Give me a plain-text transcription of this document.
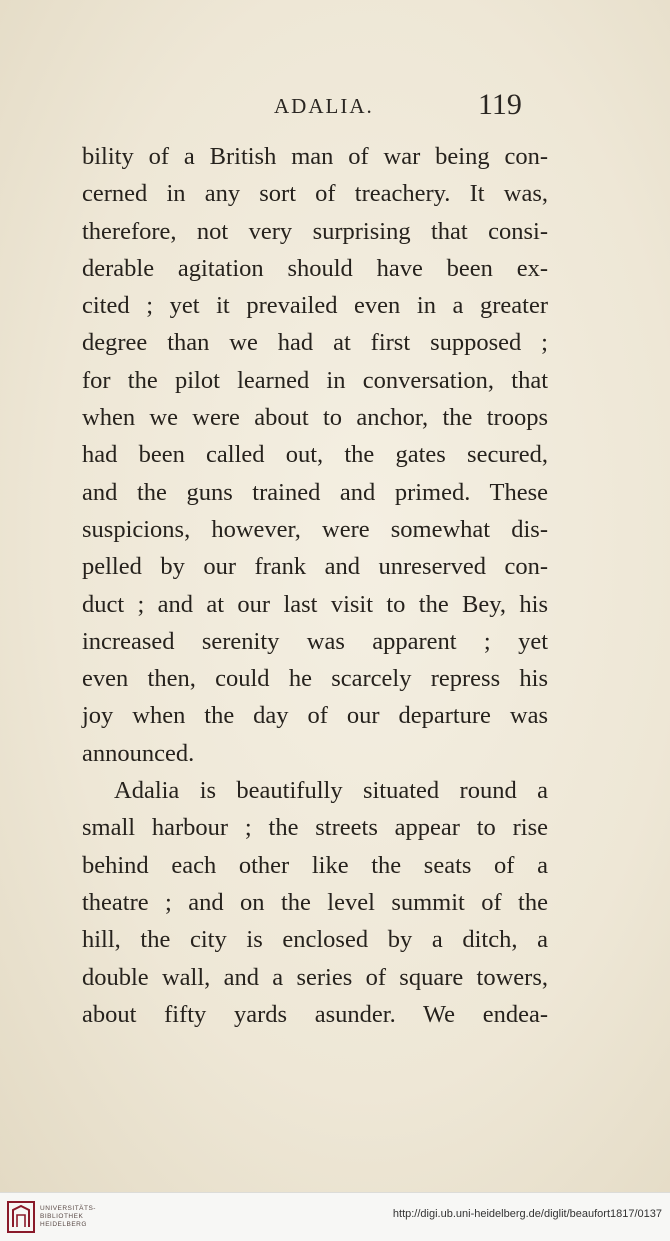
ADALIA.	119
bility of a British man of war being con-
cerned in any sort of treachery. It was,
therefore, not very surprising that consi-
derable agitation should have been ex-
cited ; yet it prevailed even in a greater
degree than we had at first supposed ;
for the pilot learned in conversation, that
when we were about to anchor, the troops
had been called out, the gates secured,
and the guns trained and primed. These
suspicions, however, were somewhat dis-
pelled by our frank and unreserved con-
duct ; and at our last visit to the Bey, his
increased serenity was apparent ; yet
even then, could he scarcely repress his
joy when the day of our departure was
announced.
Adalia is beautifully situated round a
small harbour ; the streets appear to rise
behind each other like the seats of a
theatre ; and on the level summit of the
hill, the city is enclosed by a ditch, a
double wall, and a series of square towers,
about fifty yards asunder. We endea-
UNIVERSITÄTS-
BIBLIOTHEK
HEIDELBERG
http://digi.ub.uni-heidelberg.de/diglit/beaufort1817/0137
